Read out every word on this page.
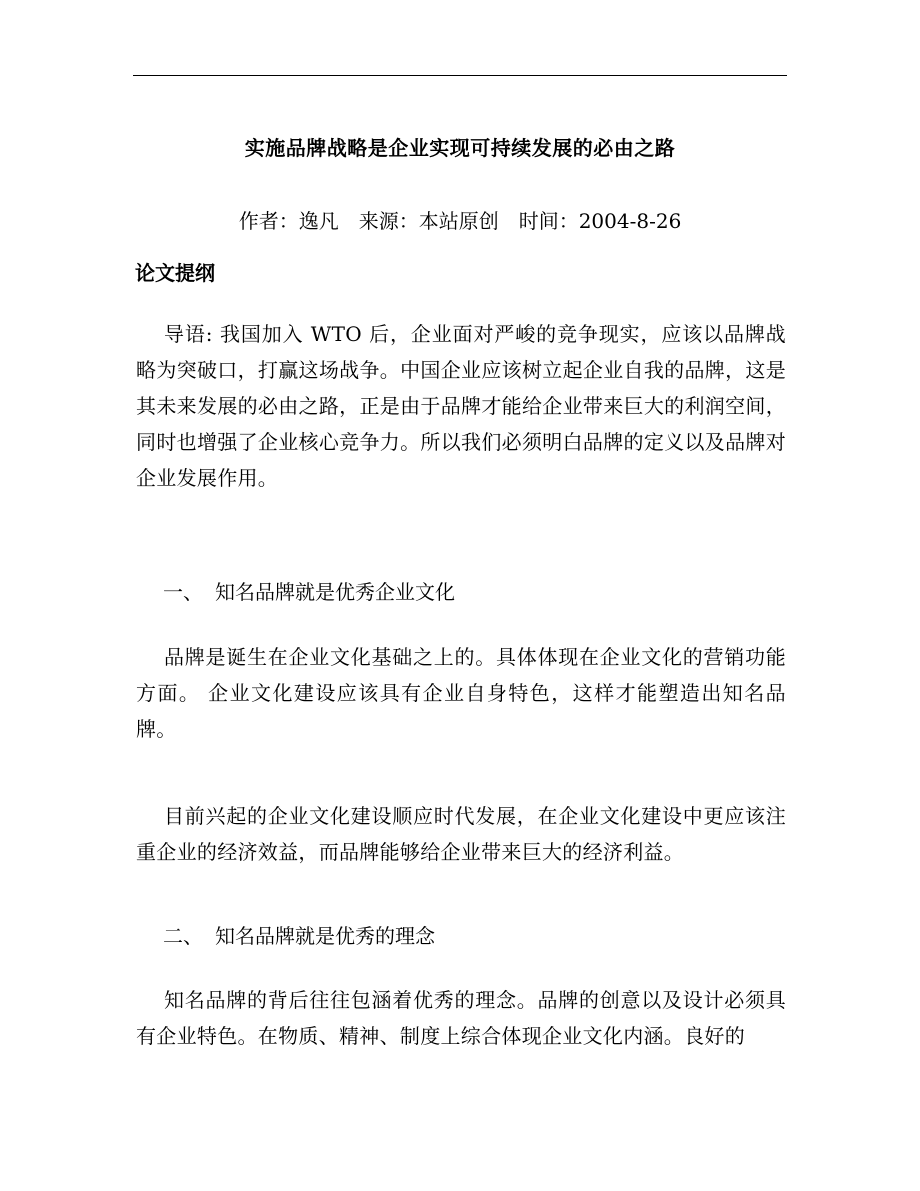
实施品牌战略是企业实现可持续发展的必由之路
作者：逸凡 来源：本站原创 时间：2004-8-26
论文提纲
导语: 我国加入 WTO 后，企业面对严峻的竞争现实，应该以品牌战略为突破口，打赢这场战争。中国企业应该树立起企业自我的品牌，这是其未来发展的必由之路，正是由于品牌才能给企业带来巨大的利润空间，同时也增强了企业核心竞争力。所以我们必须明白品牌的定义以及品牌对企业发展作用。
一、 知名品牌就是优秀企业文化
品牌是诞生在企业文化基础之上的。具体体现在企业文化的营销功能方面。 企业文化建设应该具有企业自身特色，这样才能塑造出知名品牌。
目前兴起的企业文化建设顺应时代发展，在企业文化建设中更应该注重企业的经济效益，而品牌能够给企业带来巨大的经济利益。
二、 知名品牌就是优秀的理念
知名品牌的背后往往包涵着优秀的理念。品牌的创意以及设计必须具有企业特色。在物质、精神、制度上综合体现企业文化内涵。良好的
